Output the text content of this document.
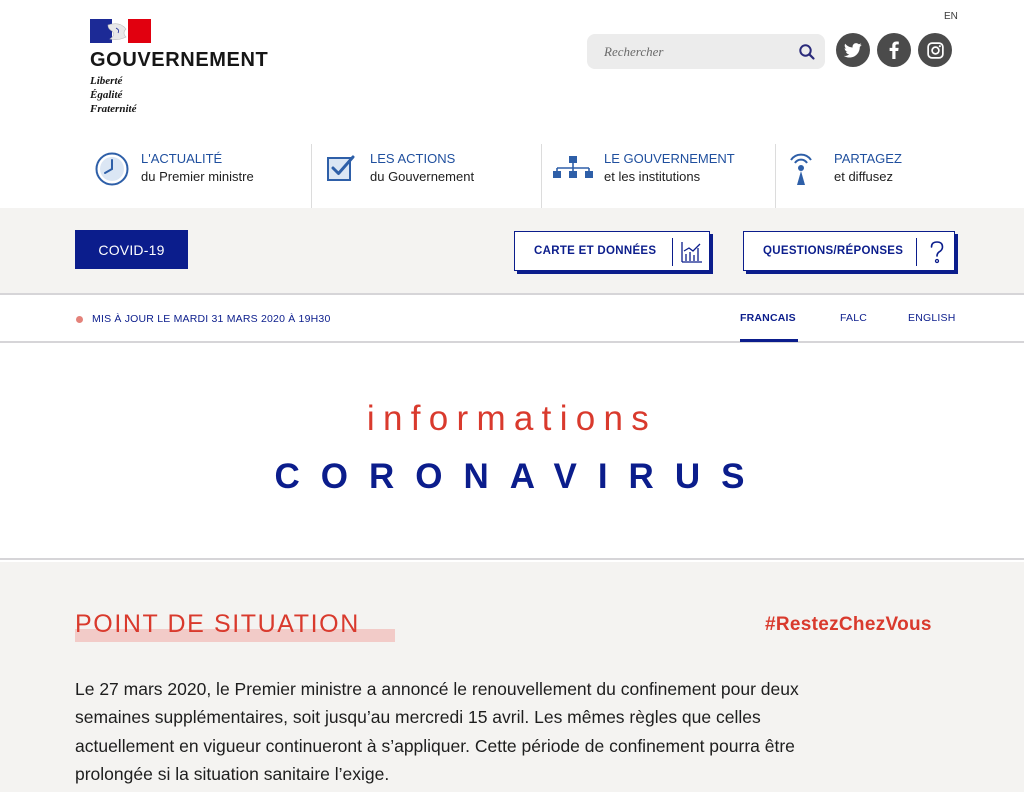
GOUVERNEMENT
Liberté
Égalité
Fraternité
EN
Rechercher
L'ACTUALITÉ
du Premier ministre
LES ACTIONS
du Gouvernement
LE GOUVERNEMENT
et les institutions
PARTAGEZ
et diffusez
COVID-19	CARTE ET DONNÉES	QUESTIONS/RÉPONSES
MIS À JOUR LE MARDI 31 MARS 2020 À 19H30	FRANCAIS	FALC	ENGLISH
informations
CORONAVIRUS
POINT DE SITUATION	#RestezChezVous

Le 27 mars 2020, le Premier ministre a annoncé le renouvellement du confinement pour deux
semaines supplémentaires, soit jusqu’au mercredi 15 avril. Les mêmes règles que celles
actuellement en vigueur continueront à s’appliquer. Cette période de confinement pourra être
prolongée si la situation sanitaire l’exige.
